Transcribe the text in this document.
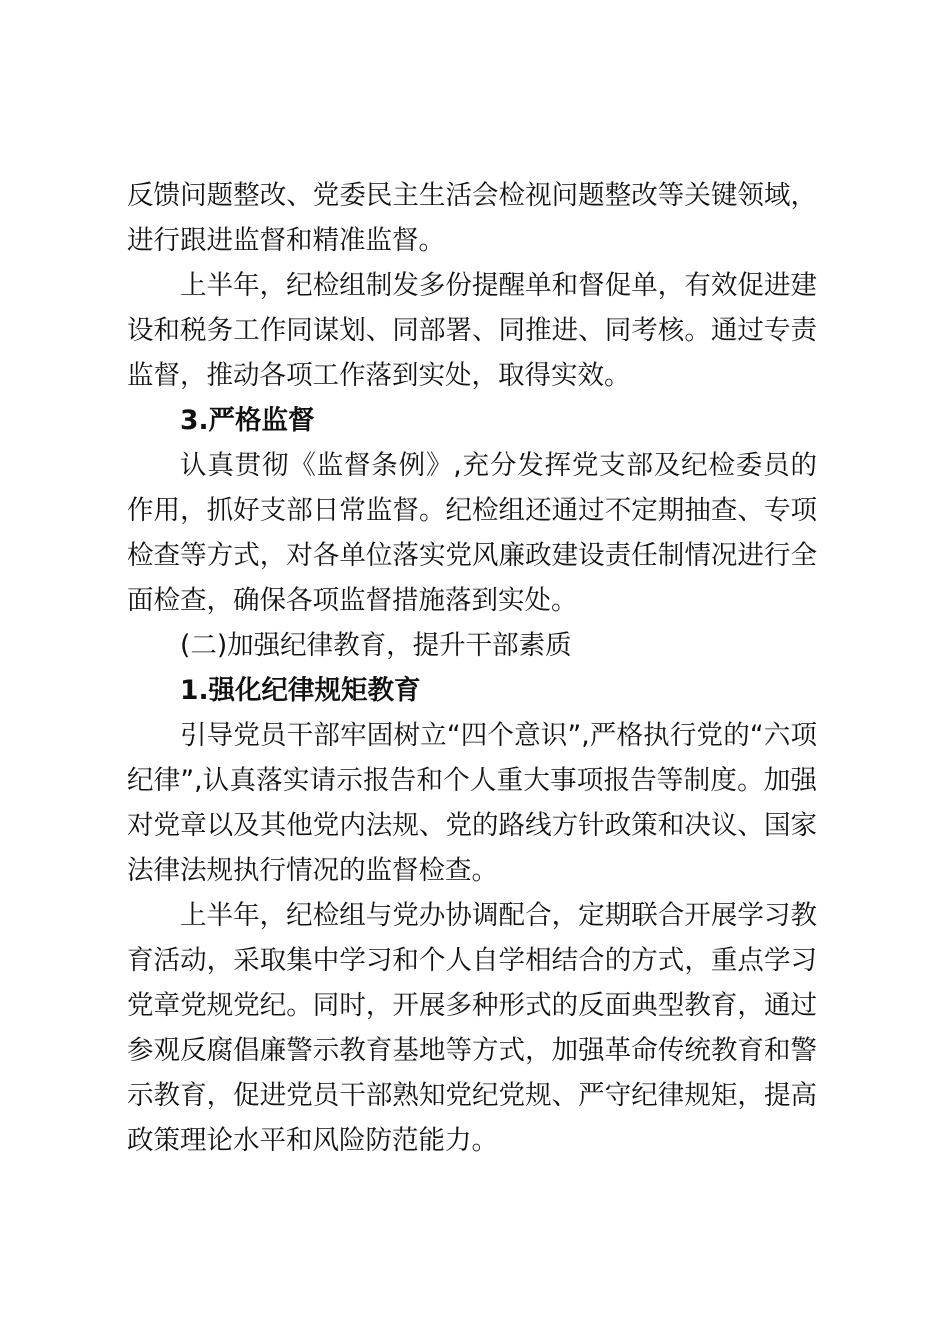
反馈问题整改、党委民主生活会检视问题整改等关键领域，进行跟进监督和精准监督。

上半年，纪检组制发多份提醒单和督促单，有效促进建设和税务工作同谋划、同部署、同推进、同考核。通过专责监督，推动各项工作落到实处，取得实效。

3.严格监督

认真贯彻《监督条例》,充分发挥党支部及纪检委员的作用，抓好支部日常监督。纪检组还通过不定期抽查、专项检查等方式，对各单位落实党风廉政建设责任制情况进行全面检查，确保各项监督措施落到实处。

(二)加强纪律教育，提升干部素质

1.强化纪律规矩教育

引导党员干部牢固树立“四个意识”,严格执行党的“六项纪律”,认真落实请示报告和个人重大事项报告等制度。加强对党章以及其他党内法规、党的路线方针政策和决议、国家法律法规执行情况的监督检查。

上半年，纪检组与党办协调配合，定期联合开展学习教育活动，采取集中学习和个人自学相结合的方式，重点学习党章党规党纪。同时，开展多种形式的反面典型教育，通过参观反腐倡廉警示教育基地等方式，加强革命传统教育和警示教育，促进党员干部熟知党纪党规、严守纪律规矩，提高政策理论水平和风险防范能力。
